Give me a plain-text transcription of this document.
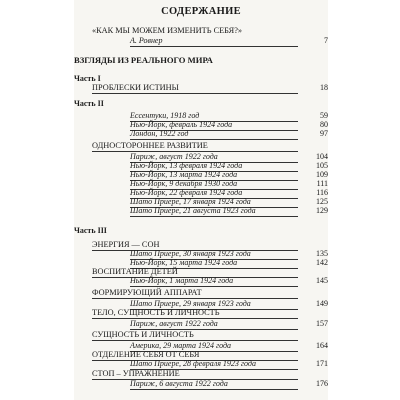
СОДЕРЖАНИЕ
«КАК МЫ МОЖЕМ ИЗМЕНИТЬ СЕБЯ?»
А. Ровнер	7
ВЗГЛЯДЫ ИЗ РЕАЛЬНОГО МИРА
Часть I
ПРОБЛЕСКИ ИСТИНЫ	18
Часть II
Ессентуки, 1918 год	59
Нью-Йорк, февраль 1924 года	80
Лондон, 1922 год	97
ОДНОСТОРОННЕЕ РАЗВИТИЕ
Париж, август 1922 года	104
Нью-Йорк, 13 февраля 1924 года	105
Нью-Йорк, 13 марта 1924 года	109
Нью-Йорк, 9 декабря 1930 года	111
Нью-Йорк, 22 февраля 1924 года	116
Шато Приере, 17 января 1924 года	125
Шато Приере, 21 августа 1923 года	129
Часть III
ЭНЕРГИЯ — СОН
Шато Приере, 30 января 1923 года	135
Нью-Йорк, 15 марта 1924 года	142
ВОСПИТАНИЕ ДЕТЕЙ
Нью-Йорк, 1 марта 1924 года	145
ФОРМИРУЮЩИЙ АППАРАТ
Шато Приере, 29 января 1923 года	149
ТЕЛО, СУЩНОСТЬ И ЛИЧНОСТЬ
Париж, август 1922 года	157
СУЩНОСТЬ И ЛИЧНОСТЬ
Америка, 29 марта 1924 года	164
ОТДЕЛЕНИЕ СЕБЯ ОТ СЕБЯ
Шато Приере, 28 февраля 1923 года	171
СТОП – УПРАЖНЕНИЕ
Париж, 6 августа 1922 года	176
